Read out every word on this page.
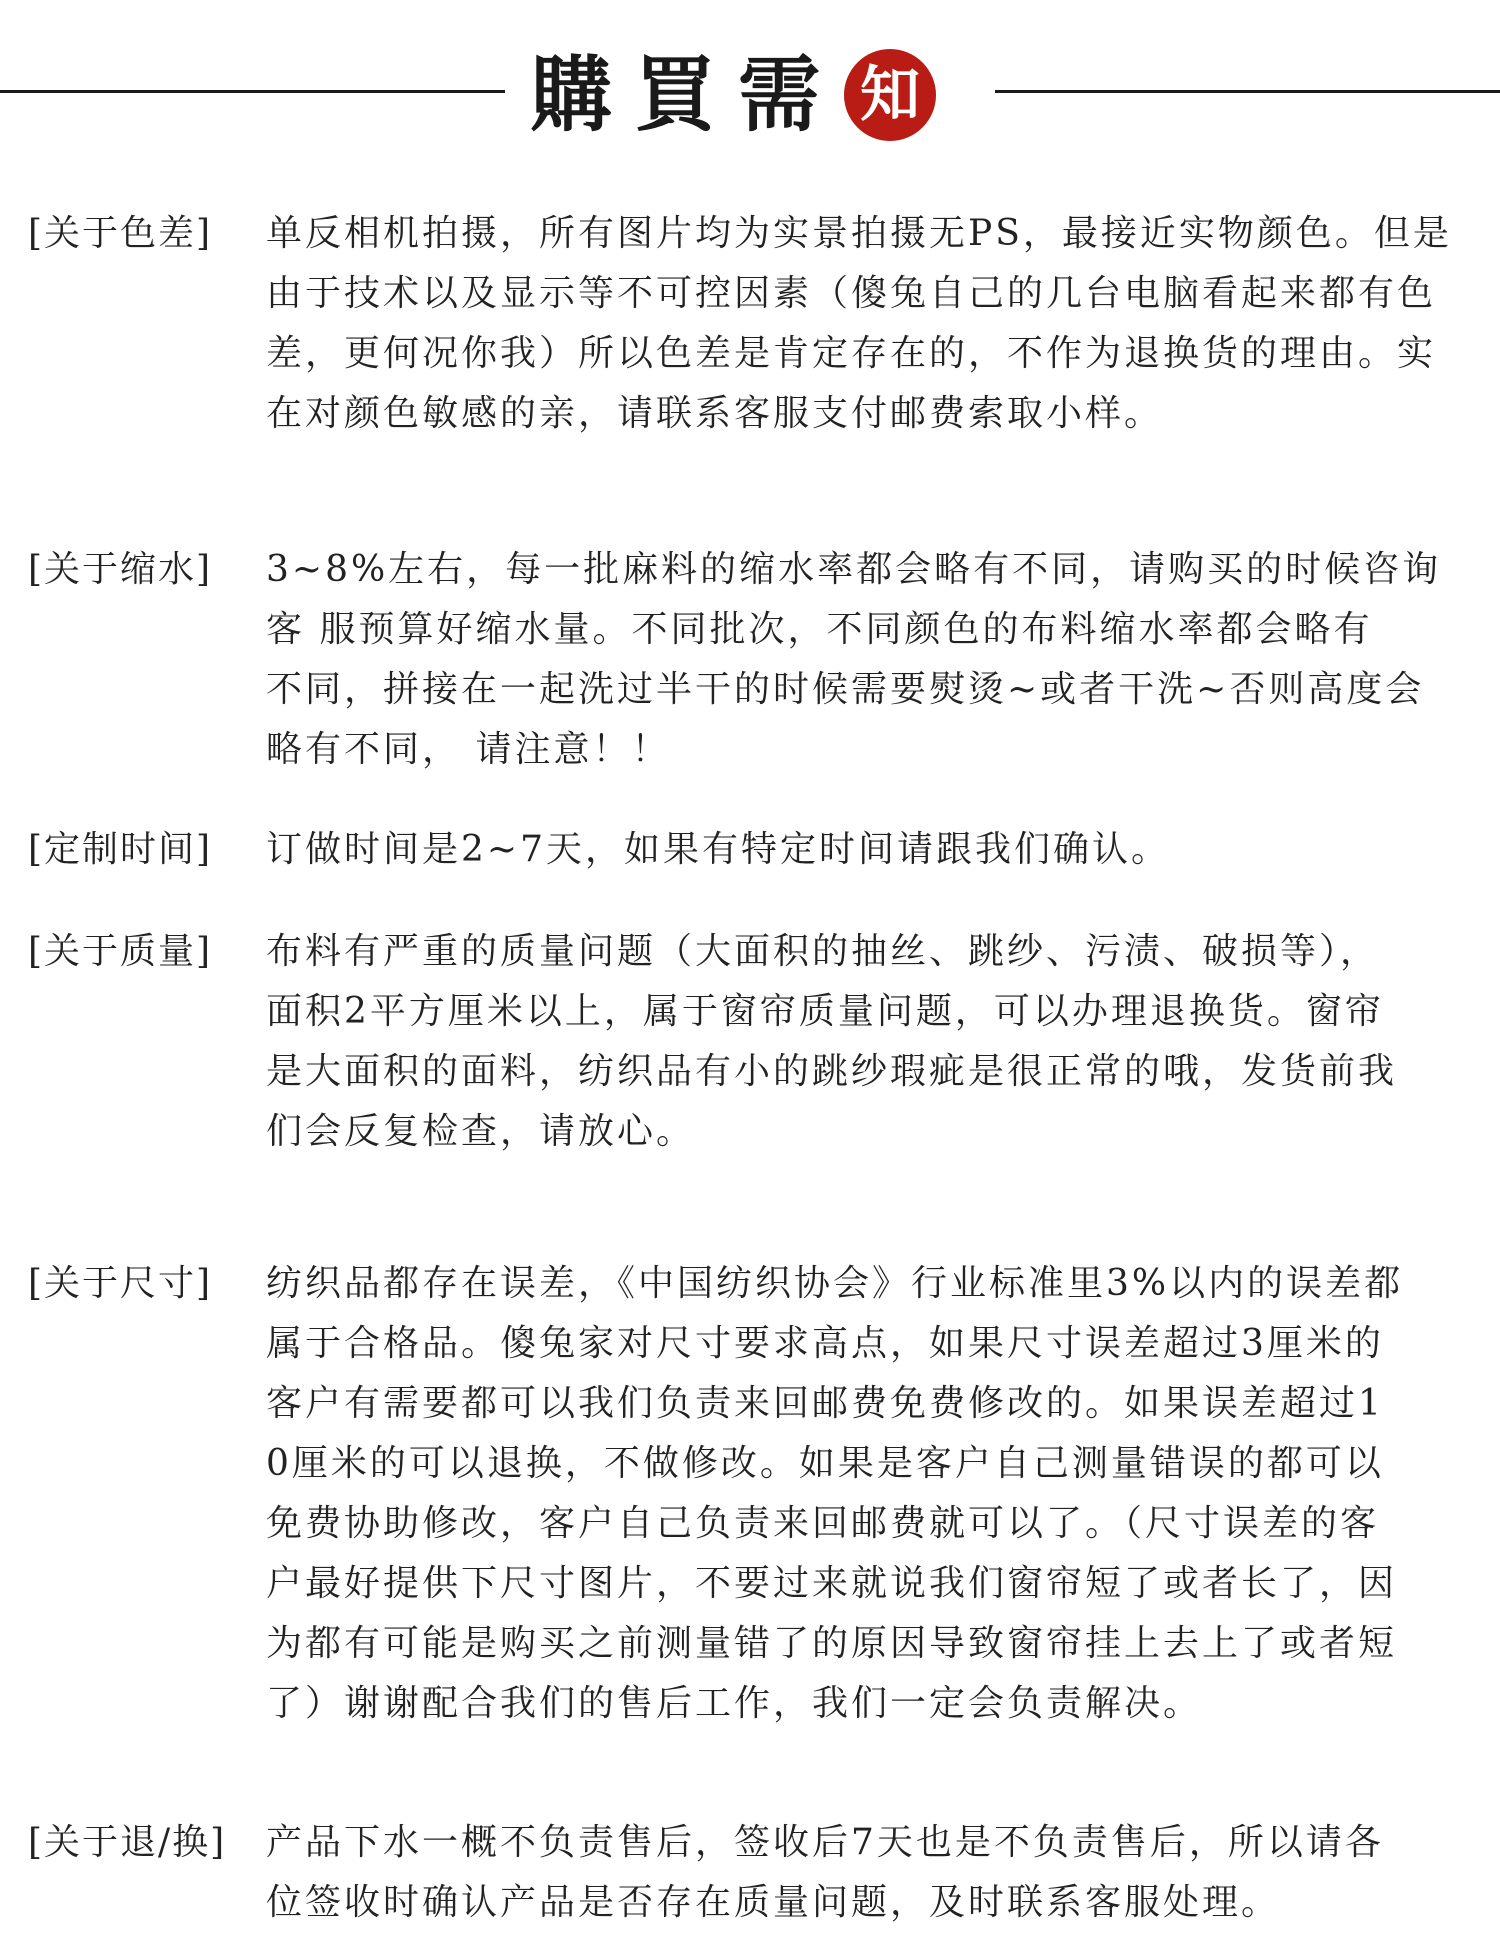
購 買 需 知
[关于色差] 单反相机拍摄，所有图片均为实景拍摄无PS，最接近实物颜色。但是
由于技术以及显示等不可控因素（傻兔自己的几台电脑看起来都有色
差，更何况你我）所以色差是肯定存在的，不作为退换货的理由。实
在对颜色敏感的亲，请联系客服支付邮费索取小样。
[关于缩水] 3~8%左右，每一批麻料的缩水率都会略有不同，请购买的时候咨询
客 服预算好缩水量。不同批次，不同颜色的布料缩水率都会略有
不同，拼接在一起洗过半干的时候需要熨烫~或者干洗~否则高度会
略有不同， 请注意！！
[定制时间] 订做时间是2~7天，如果有特定时间请跟我们确认。
[关于质量] 布料有严重的质量问题（大面积的抽丝、跳纱、污渍、破损等），
面积2平方厘米以上，属于窗帘质量问题，可以办理退换货。窗帘
是大面积的面料，纺织品有小的跳纱瑕疵是很正常的哦，发货前我
们会反复检查，请放心。
[关于尺寸] 纺织品都存在误差，《中国纺织协会》行业标准里3%以内的误差都
属于合格品。傻兔家对尺寸要求高点，如果尺寸误差超过3厘米的
客户有需要都可以我们负责来回邮费免费修改的。如果误差超过1
0厘米的可以退换，不做修改。如果是客户自己测量错误的都可以
免费协助修改，客户自己负责来回邮费就可以了。（尺寸误差的客
户最好提供下尺寸图片，不要过来就说我们窗帘短了或者长了，因
为都有可能是购买之前测量错了的原因导致窗帘挂上去上了或者短
了）谢谢配合我们的售后工作，我们一定会负责解决。
[关于退/换] 产品下水一概不负责售后，签收后7天也是不负责售后，所以请各
位签收时确认产品是否存在质量问题，及时联系客服处理。
